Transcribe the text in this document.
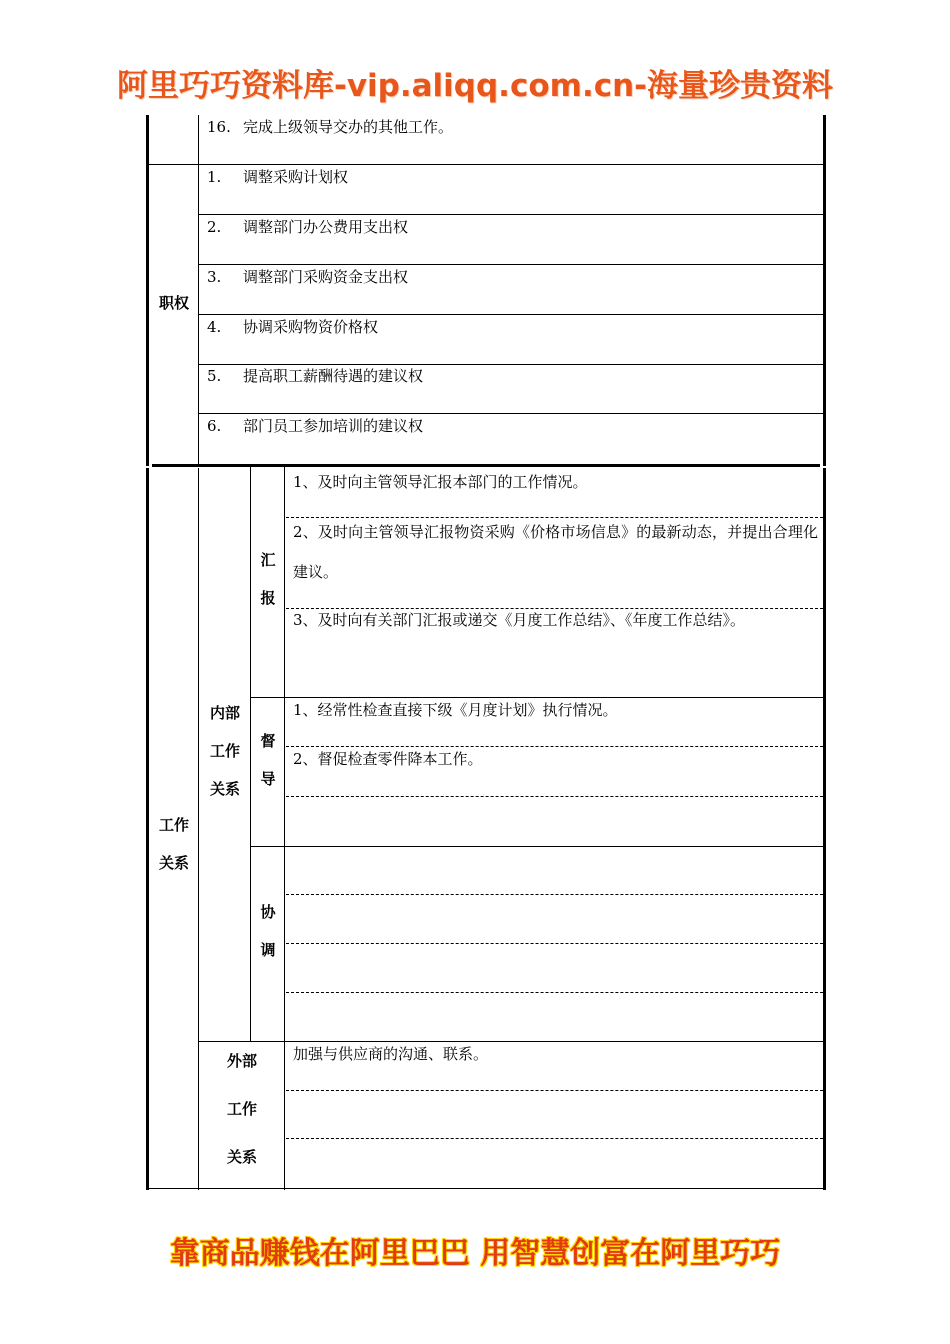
阿里巧巧资料库-vip.aliqq.com.cn-海量珍贵资料
靠商品赚钱在阿里巴巴 用智慧创富在阿里巧巧
16. 完成上级领导交办的其他工作。
职权
1. 调整采购计划权
2. 调整部门办公费用支出权
3. 调整部门采购资金支出权
4. 协调采购物资价格权
5. 提高职工薪酬待遇的建议权
6. 部门员工参加培训的建议权
工作
关系
内部
工作
关系
汇
报
1、及时向主管领导汇报本部门的工作情况。
2、及时向主管领导汇报物资采购《价格市场信息》的最新动态，并提出合理化建议。
3、及时向有关部门汇报或递交《月度工作总结》、《年度工作总结》。
督
导
1、经常性检查直接下级《月度计划》执行情况。
2、督促检查零件降本工作。
协
调
外部
工作
关系
加强与供应商的沟通、联系。
